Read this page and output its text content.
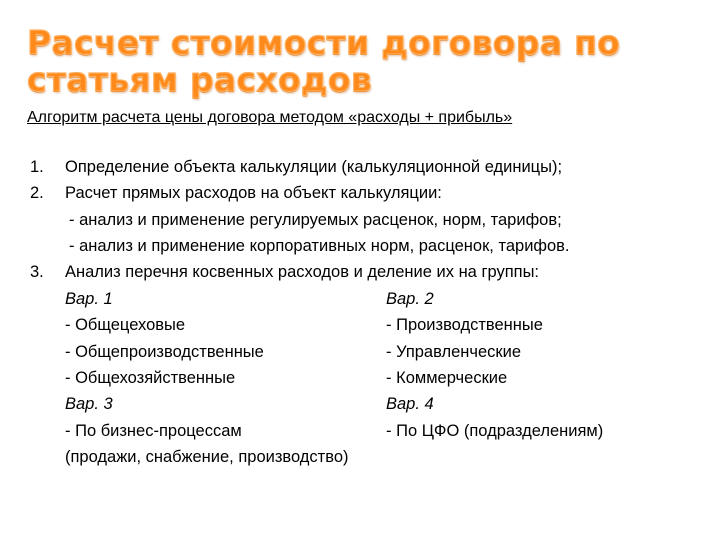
Расчет стоимости договора по статьям расходов
Алгоритм расчета цены договора методом «расходы + прибыль»
1. Определение объекта калькуляции (калькуляционной единицы);
2. Расчет прямых расходов на объект калькуляции:
- анализ и применение регулируемых расценок, норм, тарифов;
- анализ и применение корпоративных норм, расценок, тарифов.
3. Анализ перечня косвенных расходов и деление их на группы:
Вар. 1	Вар. 2
- Общецеховые	- Производственные
- Общепроизводственные	- Управленческие
- Общехозяйственные	- Коммерческие
Вар. 3	Вар. 4
- По бизнес-процессам	- По ЦФО (подразделениям)
(продажи, снабжение, производство)
